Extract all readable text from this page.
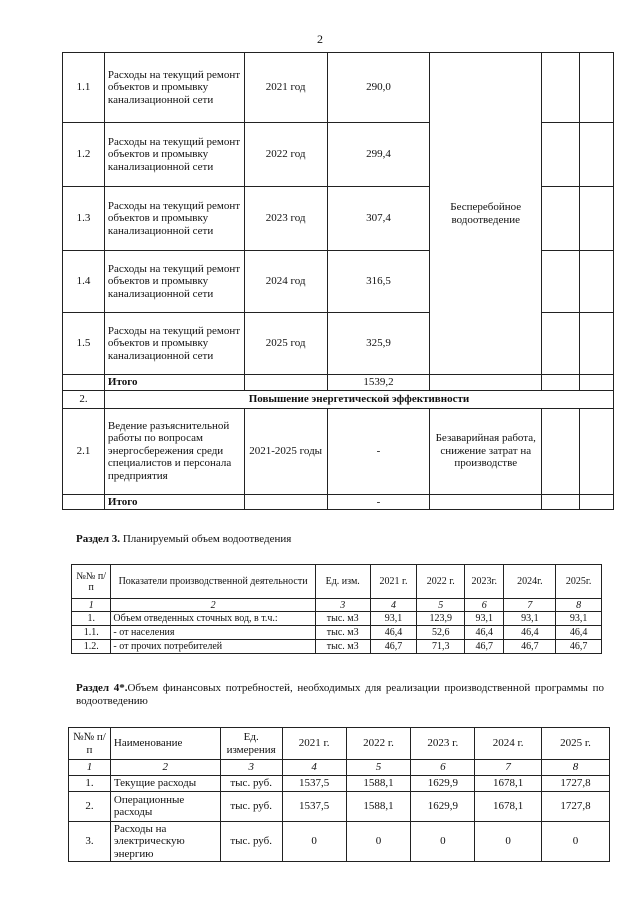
2
1.1	Расходы на текущий ремонт объектов и промывку канализационной сети	2021 год	290,0	Бесперебойное водоотведение		
1.2	Расходы на текущий ремонт объектов и промывку канализационной сети	2022 год	299,4			
1.3	Расходы на текущий ремонт объектов и промывку канализационной сети	2023 год	307,4			
1.4	Расходы на текущий ремонт объектов и промывку канализационной сети	2024 год	316,5			
1.5	Расходы на текущий ремонт объектов и промывку канализационной сети	2025 год	325,9			
	Итого		1539,2			
2.	Повышение энергетической эффективности					
2.1	Ведение разъяснительной работы по вопросам энергосбережения среди специалистов и персонала предприятия	2021-2025 годы	-	Безаварийная работа, снижение затрат на производстве		
	Итого		-			
Раздел 3. Планируемый объем водоотведения
№№ п/п	Показатели производственной деятельности	Ед. изм.	2021 г.	2022 г.	2023г.	2024г.	2025г.
1	2	3	4	5	6	7	8
1.	Объем отведенных сточных вод, в т.ч.:	тыс. м3	93,1	123,9	93,1	93,1	93,1
1.1.	- от населения	тыс. м3	46,4	52,6	46,4	46,4	46,4
1.2.	- от прочих потребителей	тыс. м3	46,7	71,3	46,7	46,7	46,7
Раздел 4*.Объем финансовых потребностей, необходимых для реализации производственной программы по водоотведению
№№ п/п	Наименование	Ед. измерения	2021 г.	2022 г.	2023 г.	2024 г.	2025 г.
1	2	3	4	5	6	7	8
1.	Текущие расходы	тыс. руб.	1537,5	1588,1	1629,9	1678,1	1727,8
2.	Операционные расходы	тыс. руб.	1537,5	1588,1	1629,9	1678,1	1727,8
3.	Расходы на электрическую энергию	тыс. руб.	0	0	0	0	0
